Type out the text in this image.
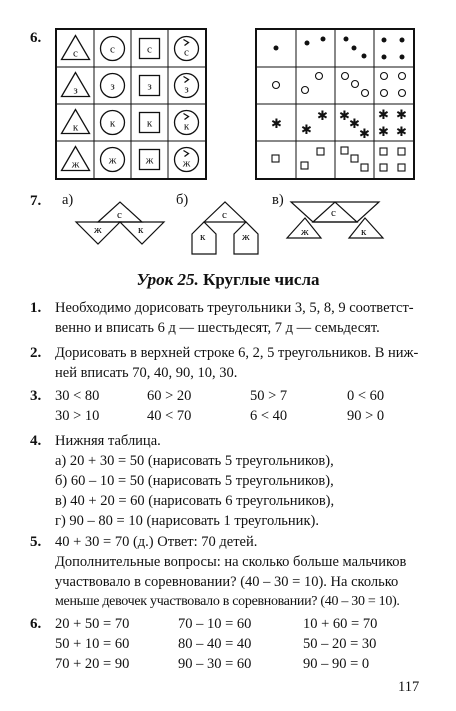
6.
с	с	с	с
з	з	з	з
к	к	к	к
ж	ж	ж	ж
✱ ✱
✱ ✱
✱
✱
✱ ✱
✱ ✱
7. а)	б)	в)
с
ж	к
с
к	ж
с
ж	к
Урок 25. Круглые числа
1. Необходимо дорисовать треугольники 3, 5, 8, 9 соответст-
венно и вписать 6 д — шестьдесят, 7 д — семьдесят.
2. Дорисовать в верхней строке 6, 2, 5 треугольников. В ниж-
ней вписать 70, 40, 90, 10, 30.
3. 30 < 80	60 > 20	50 > 7	0 < 60
30 > 10	40 < 70	6 < 40	90 > 0
4. Нижняя таблица.
а) 20 + 30 = 50 (нарисовать 5 треугольников),
б) 60 – 10 = 50 (нарисовать 5 треугольников),
в) 40 + 20 = 60 (нарисовать 6 треугольников),
г) 90 – 80 = 10 (нарисовать 1 треугольник).
5. 40 + 30 = 70 (д.) Ответ: 70 детей.
Дополнительные вопросы: на сколько больше мальчиков
участвовало в соревновании? (40 – 30 = 10). На сколько
меньше девочек участвовало в соревновании? (40 – 30 = 10).
6. 20 + 50 = 70	70 – 10 = 60	10 + 60 = 70
50 + 10 = 60	80 – 40 = 40	50 – 20 = 30
70 + 20 = 90	90 – 30 = 60	90 – 90 = 0
117
